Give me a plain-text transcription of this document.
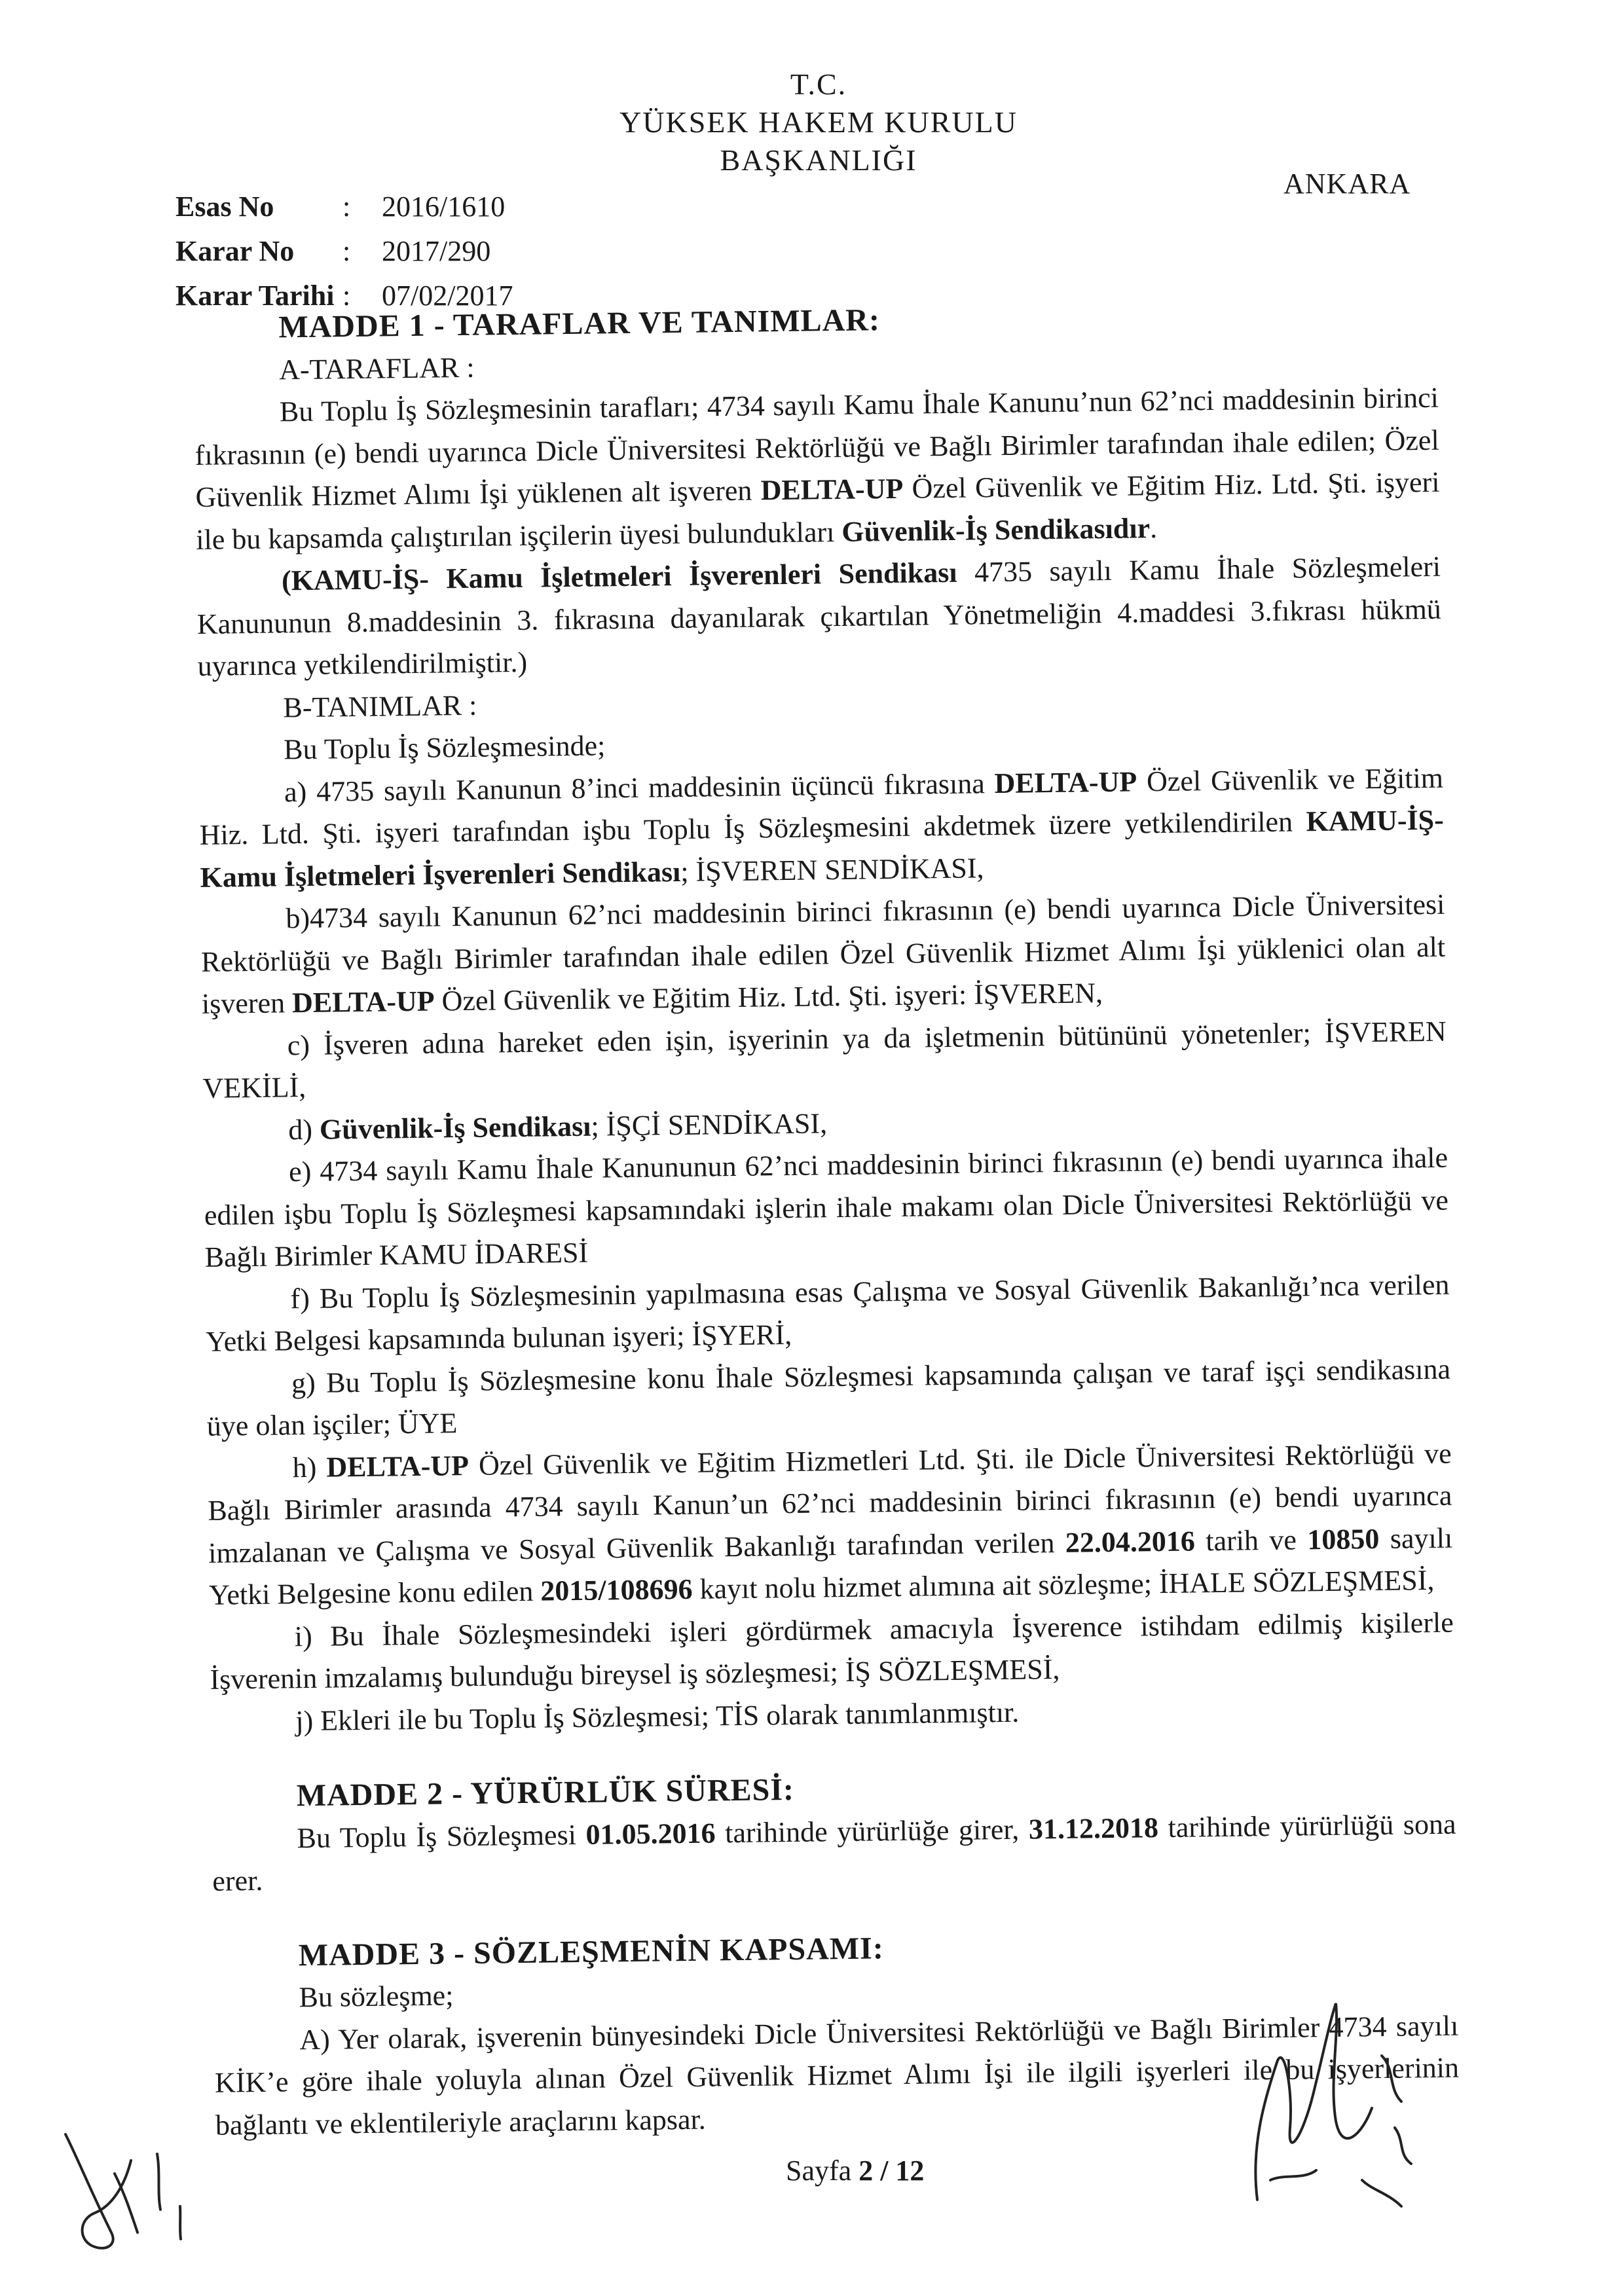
T.C.
YÜKSEK HAKEM KURULU
BAŞKANLIĞI
ANKARA
Esas No	:	2016/1610
Karar No	:	2017/290
Karar Tarihi :	07/02/2017

MADDE 1 - TARAFLAR VE TANIMLAR:

A-TARAFLAR :

Bu Toplu İş Sözleşmesinin tarafları; 4734 sayılı Kamu İhale Kanunu’nun 62’nci maddesinin birinci fıkrasının (e) bendi uyarınca Dicle Üniversitesi Rektörlüğü ve Bağlı Birimler tarafından ihale edilen; Özel Güvenlik Hizmet Alımı İşi yüklenen alt işveren DELTA-UP Özel Güvenlik ve Eğitim Hiz. Ltd. Şti. işyeri ile bu kapsamda çalıştırılan işçilerin üyesi bulundukları Güvenlik-İş Sendikasıdır.

(KAMU-İŞ- Kamu İşletmeleri İşverenleri Sendikası 4735 sayılı Kamu İhale Sözleşmeleri Kanununun 8.maddesinin 3. fıkrasına dayanılarak çıkartılan Yönetmeliğin 4.maddesi 3.fıkrası hükmü uyarınca yetkilendirilmiştir.)

B-TANIMLAR :

Bu Toplu İş Sözleşmesinde;

a) 4735 sayılı Kanunun 8’inci maddesinin üçüncü fıkrasına DELTA-UP Özel Güvenlik ve Eğitim Hiz. Ltd. Şti. işyeri tarafından işbu Toplu İş Sözleşmesini akdetmek üzere yetkilendirilen KAMU-İŞ- Kamu İşletmeleri İşverenleri Sendikası; İŞVEREN SENDİKASI,

b)4734 sayılı Kanunun 62’nci maddesinin birinci fıkrasının (e) bendi uyarınca Dicle Üniversitesi Rektörlüğü ve Bağlı Birimler tarafından ihale edilen Özel Güvenlik Hizmet Alımı İşi yüklenici olan alt işveren DELTA-UP Özel Güvenlik ve Eğitim Hiz. Ltd. Şti. işyeri: İŞVEREN,

c) İşveren adına hareket eden işin, işyerinin ya da işletmenin bütününü yönetenler; İŞVEREN VEKİLİ,

d) Güvenlik-İş Sendikası; İŞÇİ SENDİKASI,

e) 4734 sayılı Kamu İhale Kanununun 62’nci maddesinin birinci fıkrasının (e) bendi uyarınca ihale edilen işbu Toplu İş Sözleşmesi kapsamındaki işlerin ihale makamı olan Dicle Üniversitesi Rektörlüğü ve Bağlı Birimler KAMU İDARESİ

f) Bu Toplu İş Sözleşmesinin yapılmasına esas Çalışma ve Sosyal Güvenlik Bakanlığı’nca verilen Yetki Belgesi kapsamında bulunan işyeri; İŞYERİ,

g) Bu Toplu İş Sözleşmesine konu İhale Sözleşmesi kapsamında çalışan ve taraf işçi sendikasına üye olan işçiler; ÜYE

h) DELTA-UP Özel Güvenlik ve Eğitim Hizmetleri Ltd. Şti. ile Dicle Üniversitesi Rektörlüğü ve Bağlı Birimler arasında 4734 sayılı Kanun’un 62’nci maddesinin birinci fıkrasının (e) bendi uyarınca imzalanan ve Çalışma ve Sosyal Güvenlik Bakanlığı tarafından verilen 22.04.2016 tarih ve 10850 sayılı Yetki Belgesine konu edilen 2015/108696 kayıt nolu hizmet alımına ait sözleşme; İHALE SÖZLEŞMESİ,

i) Bu İhale Sözleşmesindeki işleri gördürmek amacıyla İşverence istihdam edilmiş kişilerle İşverenin imzalamış bulunduğu bireysel iş sözleşmesi; İŞ SÖZLEŞMESİ,

j) Ekleri ile bu Toplu İş Sözleşmesi; TİS olarak tanımlanmıştır.

MADDE 2 - YÜRÜRLÜK SÜRESİ:

Bu Toplu İş Sözleşmesi 01.05.2016 tarihinde yürürlüğe girer, 31.12.2018 tarihinde yürürlüğü sona erer.

MADDE 3 - SÖZLEŞMENİN KAPSAMI:

Bu sözleşme;

A) Yer olarak, işverenin bünyesindeki Dicle Üniversitesi Rektörlüğü ve Bağlı Birimler 4734 sayılı KİK’e göre ihale yoluyla alınan Özel Güvenlik Hizmet Alımı İşi ile ilgili işyerleri ile bu işyerlerinin bağlantı ve eklentileriyle araçlarını kapsar.

Sayfa 2 / 12
